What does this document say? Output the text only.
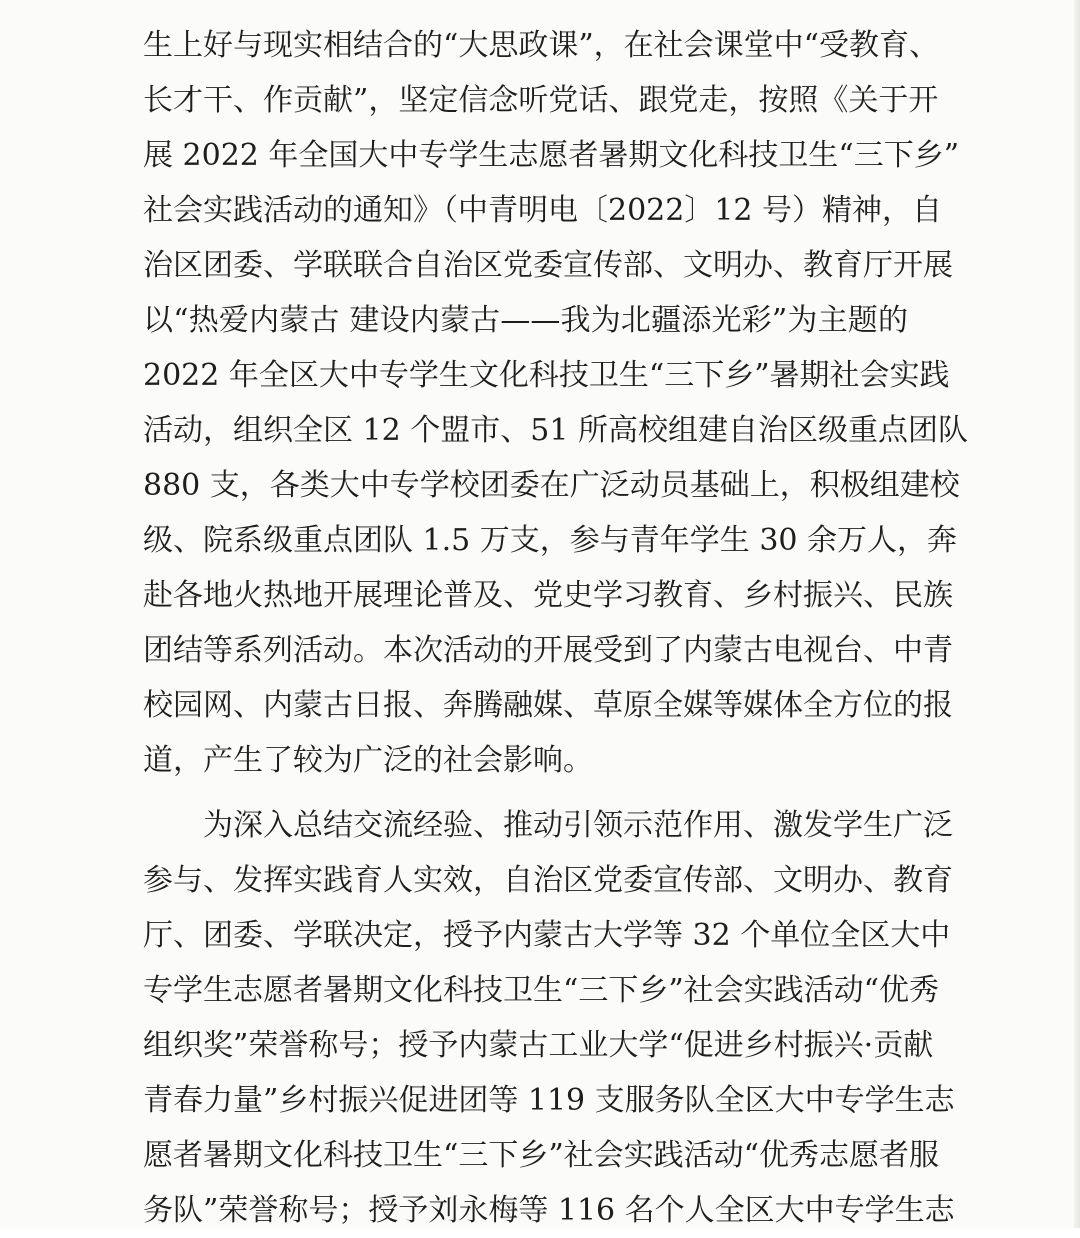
生上好与现实相结合的“大思政课”，在社会课堂中“受教育、
长才干、作贡献”，坚定信念听党话、跟党走，按照《关于开
展 2022 年全国大中专学生志愿者暑期文化科技卫生“三下乡”
社会实践活动的通知》（中青明电〔2022〕12 号）精神，自
治区团委、学联联合自治区党委宣传部、文明办、教育厅开展
以“热爱内蒙古 建设内蒙古——我为北疆添光彩”为主题的
2022 年全区大中专学生文化科技卫生“三下乡”暑期社会实践
活动，组织全区 12 个盟市、51 所高校组建自治区级重点团队
880 支，各类大中专学校团委在广泛动员基础上，积极组建校
级、院系级重点团队 1.5 万支，参与青年学生 30 余万人，奔
赴各地火热地开展理论普及、党史学习教育、乡村振兴、民族
团结等系列活动。本次活动的开展受到了内蒙古电视台、中青
校园网、内蒙古日报、奔腾融媒、草原全媒等媒体全方位的报
道，产生了较为广泛的社会影响。
为深入总结交流经验、推动引领示范作用、激发学生广泛
参与、发挥实践育人实效，自治区党委宣传部、文明办、教育
厅、团委、学联决定，授予内蒙古大学等 32 个单位全区大中
专学生志愿者暑期文化科技卫生“三下乡”社会实践活动“优秀
组织奖”荣誉称号；授予内蒙古工业大学“促进乡村振兴·贡献
青春力量”乡村振兴促进团等 119 支服务队全区大中专学生志
愿者暑期文化科技卫生“三下乡”社会实践活动“优秀志愿者服
务队”荣誉称号；授予刘永梅等 116 名个人全区大中专学生志
